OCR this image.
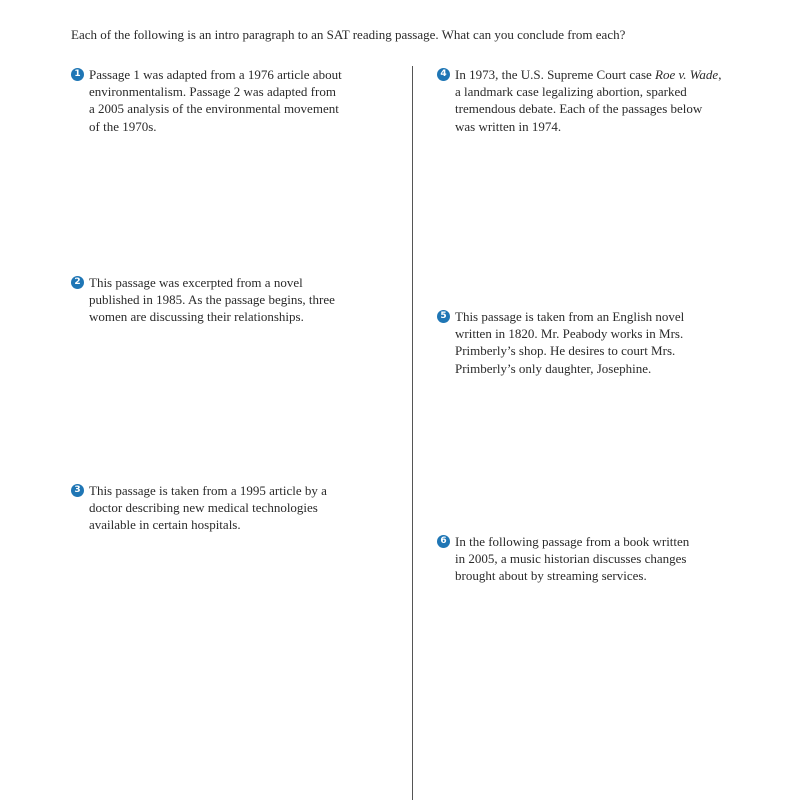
Each of the following is an intro paragraph to an SAT reading passage. What can you conclude from each?

1 Passage 1 was adapted from a 1976 article about
environmentalism. Passage 2 was adapted from
a 2005 analysis of the environmental movement
of the 1970s.
2 This passage was excerpted from a novel
published in 1985. As the passage begins, three
women are discussing their relationships.
3 This passage is taken from a 1995 article by a
doctor describing new medical technologies
available in certain hospitals.
4 In 1973, the U.S. Supreme Court case Roe v. Wade,
a landmark case legalizing abortion, sparked
tremendous debate. Each of the passages below
was written in 1974.
5 This passage is taken from an English novel
written in 1820. Mr. Peabody works in Mrs.
Primberly’s shop. He desires to court Mrs.
Primberly’s only daughter, Josephine.
6 In the following passage from a book written
in 2005, a music historian discusses changes
brought about by streaming services.
